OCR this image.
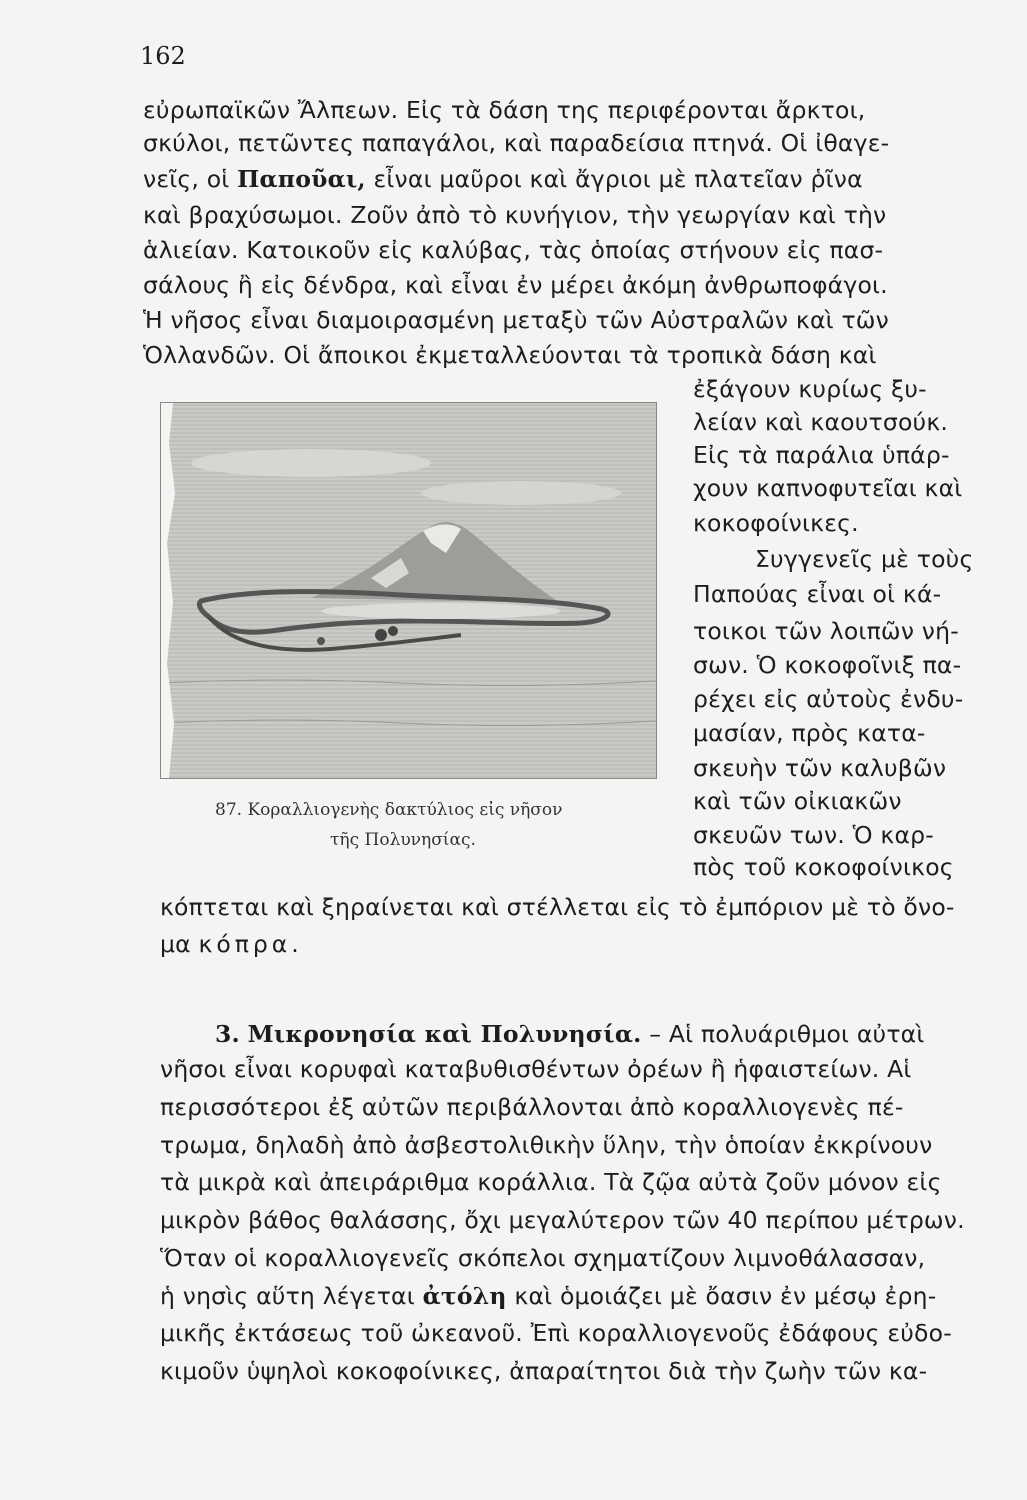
162
εὐρωπαϊκῶν Ἄλπεων. Εἰς τὰ δάση της περιφέρονται ἄρκτοι,
σκύλοι, πετῶντες παπαγάλοι, καὶ παραδείσια πτηνά. Οἱ ἰθαγε-
νεῖς, οἱ Παποῦαι, εἶναι μαῦροι καὶ ἄγριοι μὲ πλατεῖαν ῥῖνα
καὶ βραχύσωμοι. Ζοῦν ἀπὸ τὸ κυνήγιον, τὴν γεωργίαν καὶ τὴν
ἁλιείαν. Κατοικοῦν εἰς καλύβας, τὰς ὁποίας στήνουν εἰς πασ-
σάλους ἢ εἰς δένδρα, καὶ εἶναι ἐν μέρει ἀκόμη ἀνθρωποφάγοι.
Ἡ νῆσος εἶναι διαμοιρασμένη μεταξὺ τῶν Αὐστραλῶν καὶ τῶν
Ὁλλανδῶν. Οἱ ἄποικοι ἐκμεταλλεύονται τὰ τροπικὰ δάση καὶ
ἐξάγουν κυρίως ξυ-
λείαν καὶ καουτσούκ.
Εἰς τὰ παράλια ὑπάρ-
χουν καπνοφυτεῖαι καὶ
κοκοφοίνικες.
Συγγενεῖς μὲ τοὺς
Παπούας εἶναι οἱ κά-
τοικοι τῶν λοιπῶν νή-
σων. Ὁ κοκοφοῖνιξ πα-
ρέχει εἰς αὐτοὺς ἐνδυ-
μασίαν, πρὸς κατα-
σκευὴν τῶν καλυβῶν
καὶ τῶν οἰκιακῶν
σκευῶν των. Ὁ καρ-
πὸς τοῦ κοκοφοίνικος
87. Κοραλλιογενὴς δακτύλιος εἰς νῆσον
τῆς Πολυνησίας.
κόπτεται καὶ ξηραίνεται καὶ στέλλεται εἰς τὸ ἐμπόριον μὲ τὸ ὄνο-
μα κόπρα.
3. Μικρονησία καὶ Πολυνησία. – Αἱ πολυάριθμοι αὐταὶ
νῆσοι εἶναι κορυφαὶ καταβυθισθέντων ὀρέων ἢ ἡφαιστείων. Αἱ
περισσότεροι ἐξ αὐτῶν περιβάλλονται ἀπὸ κοραλλιογενὲς πέ-
τρωμα, δηλαδὴ ἀπὸ ἀσβεστολιθικὴν ὕλην, τὴν ὁποίαν ἐκκρίνουν
τὰ μικρὰ καὶ ἀπειράριθμα κοράλλια. Τὰ ζῷα αὐτὰ ζοῦν μόνον εἰς
μικρὸν βάθος θαλάσσης, ὄχι μεγαλύτερον τῶν 40 περίπου μέτρων.
Ὅταν οἱ κοραλλιογενεῖς σκόπελοι σχηματίζουν λιμνοθάλασσαν,
ἡ νησὶς αὕτη λέγεται ἀτόλη καὶ ὁμοιάζει μὲ ὄασιν ἐν μέσῳ ἐρη-
μικῆς ἐκτάσεως τοῦ ὠκεανοῦ. Ἐπὶ κοραλλιογενοῦς ἐδάφους εὐδο-
κιμοῦν ὑψηλοὶ κοκοφοίνικες, ἀπαραίτητοι διὰ τὴν ζωὴν τῶν κα-
